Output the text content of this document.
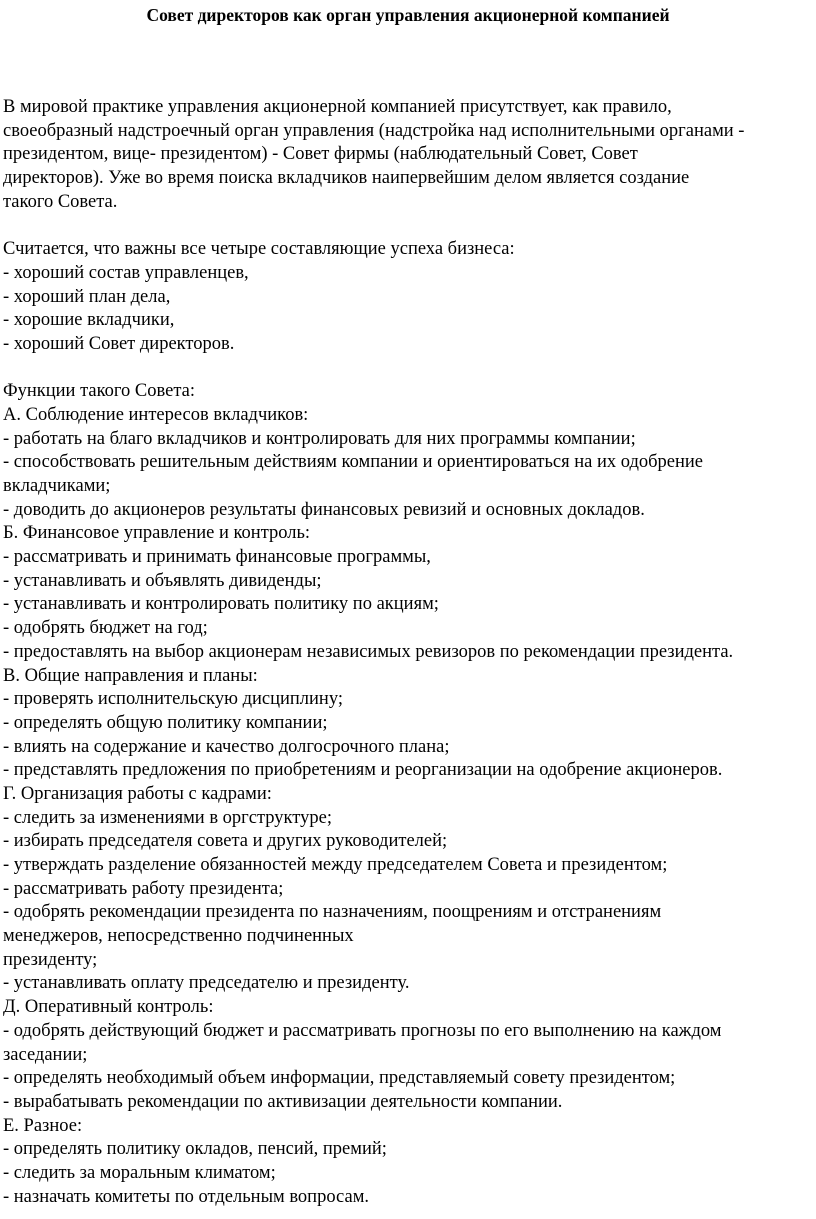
Совет директоров как орган управления акционерной компанией
В мировой практике управления акционерной компанией присутствует, как правило,
своеобразный надстроечный орган управления (надстройка над исполнительными органами -
президентом, вице- президентом) - Совет фирмы (наблюдательный Совет, Совет
директоров). Уже во время поиска вкладчиков наипервейшим делом является создание
такого Совета.
Считается, что важны все четыре составляющие успеха бизнеса:
- хороший состав управленцев,
- хороший план дела,
- хорошие вкладчики,
- хороший Совет директоров.
Функции такого Совета:
А. Соблюдение интересов вкладчиков:
- работать на благо вкладчиков и контролировать для них программы компании;
- способствовать решительным действиям компании и ориентироваться на их одобрение
вкладчиками;
- доводить до акционеров результаты финансовых ревизий и основных докладов.
Б. Финансовое управление и контроль:
- рассматривать и принимать финансовые программы,
- устанавливать и объявлять дивиденды;
- устанавливать и контролировать политику по акциям;
- одобрять бюджет на год;
- предоставлять на выбор акционерам независимых ревизоров по рекомендации президента.
В. Общие направления и планы:
- проверять исполнительскую дисциплину;
- определять общую политику компании;
- влиять на содержание и качество долгосрочного плана;
- представлять предложения по приобретениям и реорганизации на одобрение акционеров.
Г. Организация работы с кадрами:
- следить за изменениями в оргструктуре;
- избирать председателя совета и других руководителей;
- утверждать разделение обязанностей между председателем Совета и президентом;
- рассматривать работу президента;
- одобрять рекомендации президента по назначениям, поощрениям и отстранениям
менеджеров, непосредственно подчиненных
президенту;
- устанавливать оплату председателю и президенту.
Д. Оперативный контроль:
- одобрять действующий бюджет и рассматривать прогнозы по его выполнению на каждом
заседании;
- определять необходимый объем информации, представляемый совету президентом;
- вырабатывать рекомендации по активизации деятельности компании.
Е. Разное:
- определять политику окладов, пенсий, премий;
- следить за моральным климатом;
- назначать комитеты по отдельным вопросам.
